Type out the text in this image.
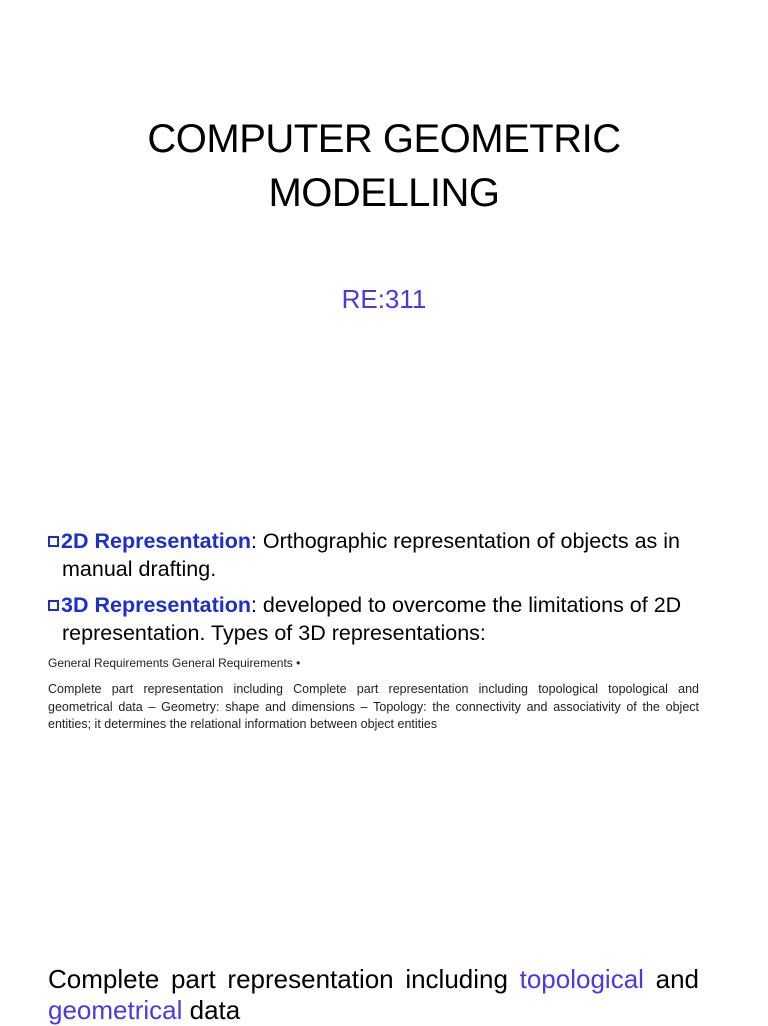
COMPUTER GEOMETRIC
MODELLING
RE:311
2D Representation: Orthographic representation of objects as in manual drafting.
3D Representation: developed to overcome the limitations of 2D representation. Types of 3D representations:
General Requirements General Requirements •
Complete part representation including Complete part representation including topological topological and geometrical data – Geometry: shape and dimensions – Topology: the connectivity and associativity of the object entities; it determines the relational information between object entities
Complete part representation including topological and geometrical data
